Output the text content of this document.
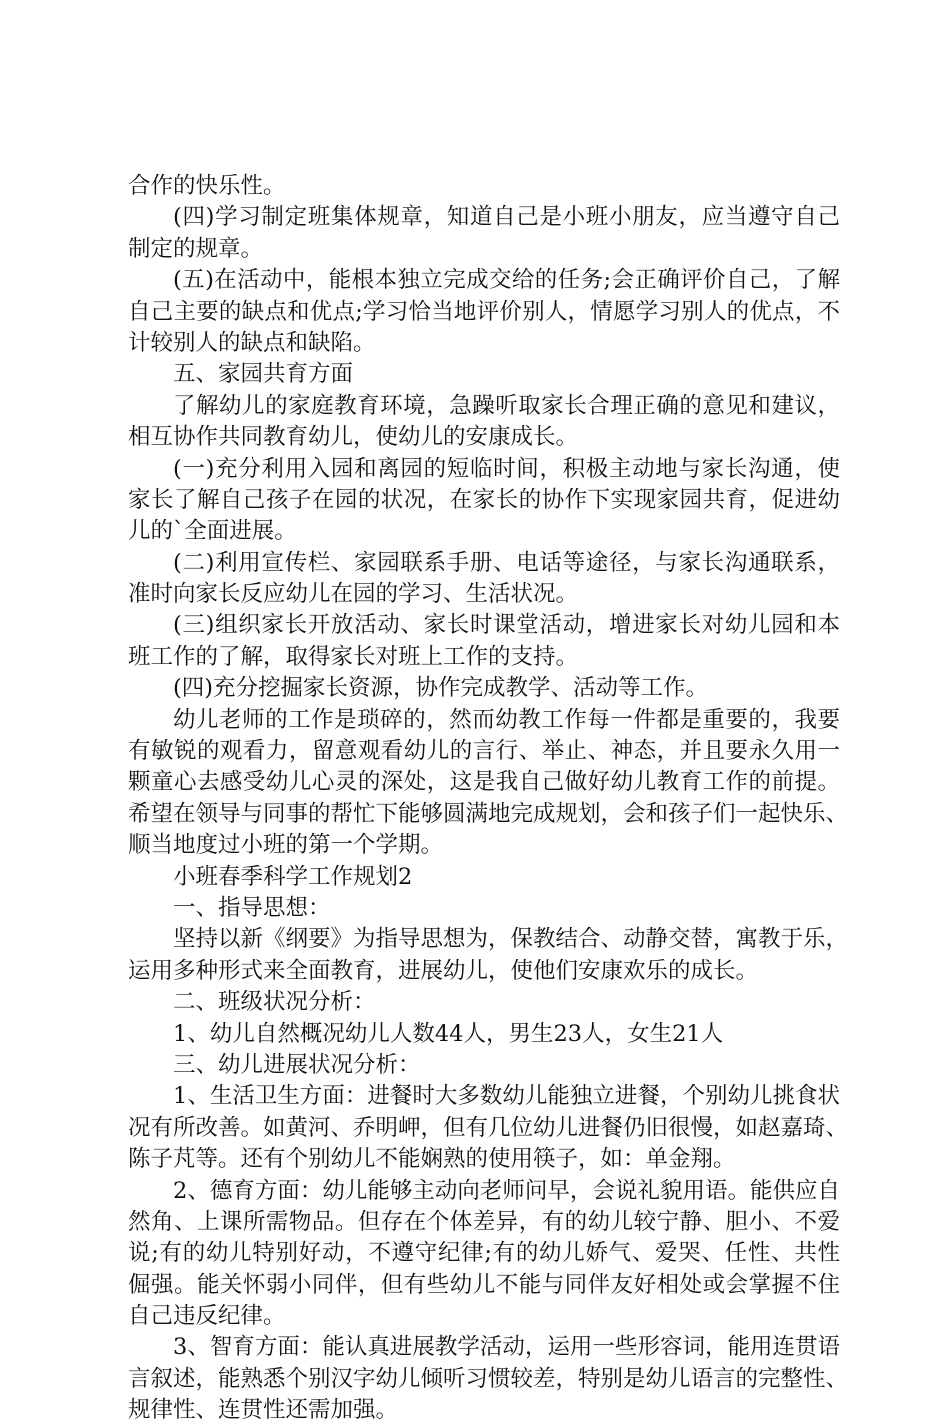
合作的快乐性。
(四)学习制定班集体规章，知道自己是小班小朋友，应当遵守自己
制定的规章。
(五)在活动中，能根本独立完成交给的任务;会正确评价自己，了解
自己主要的缺点和优点;学习恰当地评价别人，情愿学习别人的优点，不
计较别人的缺点和缺陷。
五、家园共育方面
了解幼儿的家庭教育环境，急躁听取家长合理正确的意见和建议，
相互协作共同教育幼儿，使幼儿的安康成长。
(一)充分利用入园和离园的短临时间，积极主动地与家长沟通，使
家长了解自己孩子在园的状况，在家长的协作下实现家园共育，促进幼
儿的`全面进展。
(二)利用宣传栏、家园联系手册、电话等途径，与家长沟通联系，
准时向家长反应幼儿在园的学习、生活状况。
(三)组织家长开放活动、家长时课堂活动，增进家长对幼儿园和本
班工作的了解，取得家长对班上工作的支持。
(四)充分挖掘家长资源，协作完成教学、活动等工作。
幼儿老师的工作是琐碎的，然而幼教工作每一件都是重要的，我要
有敏锐的观看力，留意观看幼儿的言行、举止、神态，并且要永久用一
颗童心去感受幼儿心灵的深处，这是我自己做好幼儿教育工作的前提。
希望在领导与同事的帮忙下能够圆满地完成规划，会和孩子们一起快乐、
顺当地度过小班的第一个学期。
小班春季科学工作规划2
一、指导思想：
坚持以新《纲要》为指导思想为，保教结合、动静交替，寓教于乐，
运用多种形式来全面教育，进展幼儿，使他们安康欢乐的成长。
二、班级状况分析：
1、幼儿自然概况幼儿人数44人，男生23人，女生21人
三、幼儿进展状况分析：
1、生活卫生方面：进餐时大多数幼儿能独立进餐，个别幼儿挑食状
况有所改善。如黄河、乔明岬，但有几位幼儿进餐仍旧很慢，如赵嘉琦、
陈子芃等。还有个别幼儿不能娴熟的使用筷子，如：单金翔。
2、德育方面：幼儿能够主动向老师问早，会说礼貌用语。能供应自
然角、上课所需物品。但存在个体差异，有的幼儿较宁静、胆小、不爱
说;有的幼儿特别好动，不遵守纪律;有的幼儿娇气、爱哭、任性、共性
倔强。能关怀弱小同伴，但有些幼儿不能与同伴友好相处或会掌握不住
自己违反纪律。
3、智育方面：能认真进展教学活动，运用一些形容词，能用连贯语
言叙述，能熟悉个别汉字幼儿倾听习惯较差，特别是幼儿语言的完整性、
规律性、连贯性还需加强。
